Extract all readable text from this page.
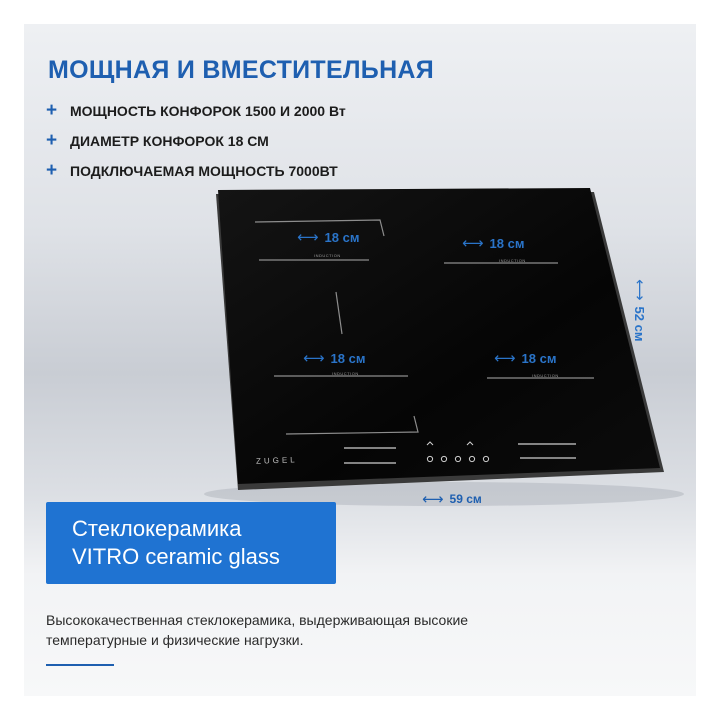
МОЩНАЯ И ВМЕСТИТЕЛЬНАЯ
+ МОЩНОСТЬ КОНФОРОК 1500 И 2000 Вт
+ ДИАМЕТР КОНФОРОК 18 СМ
+ ПОДКЛЮЧАЕМАЯ МОЩНОСТЬ 7000ВТ
⟷ 18 см	⟷ 18 см
⟷ 18 см	⟷ 18 см
INDUCTION
INDUCTION
INDUCTION	INDUCTION
ZUGEL
⟷
52 см
⟷ 59 см
Стеклокерамика
VITRO ceramic glass

Высококачественная стеклокерамика, выдерживающая высокие температурные и физические нагрузки.
